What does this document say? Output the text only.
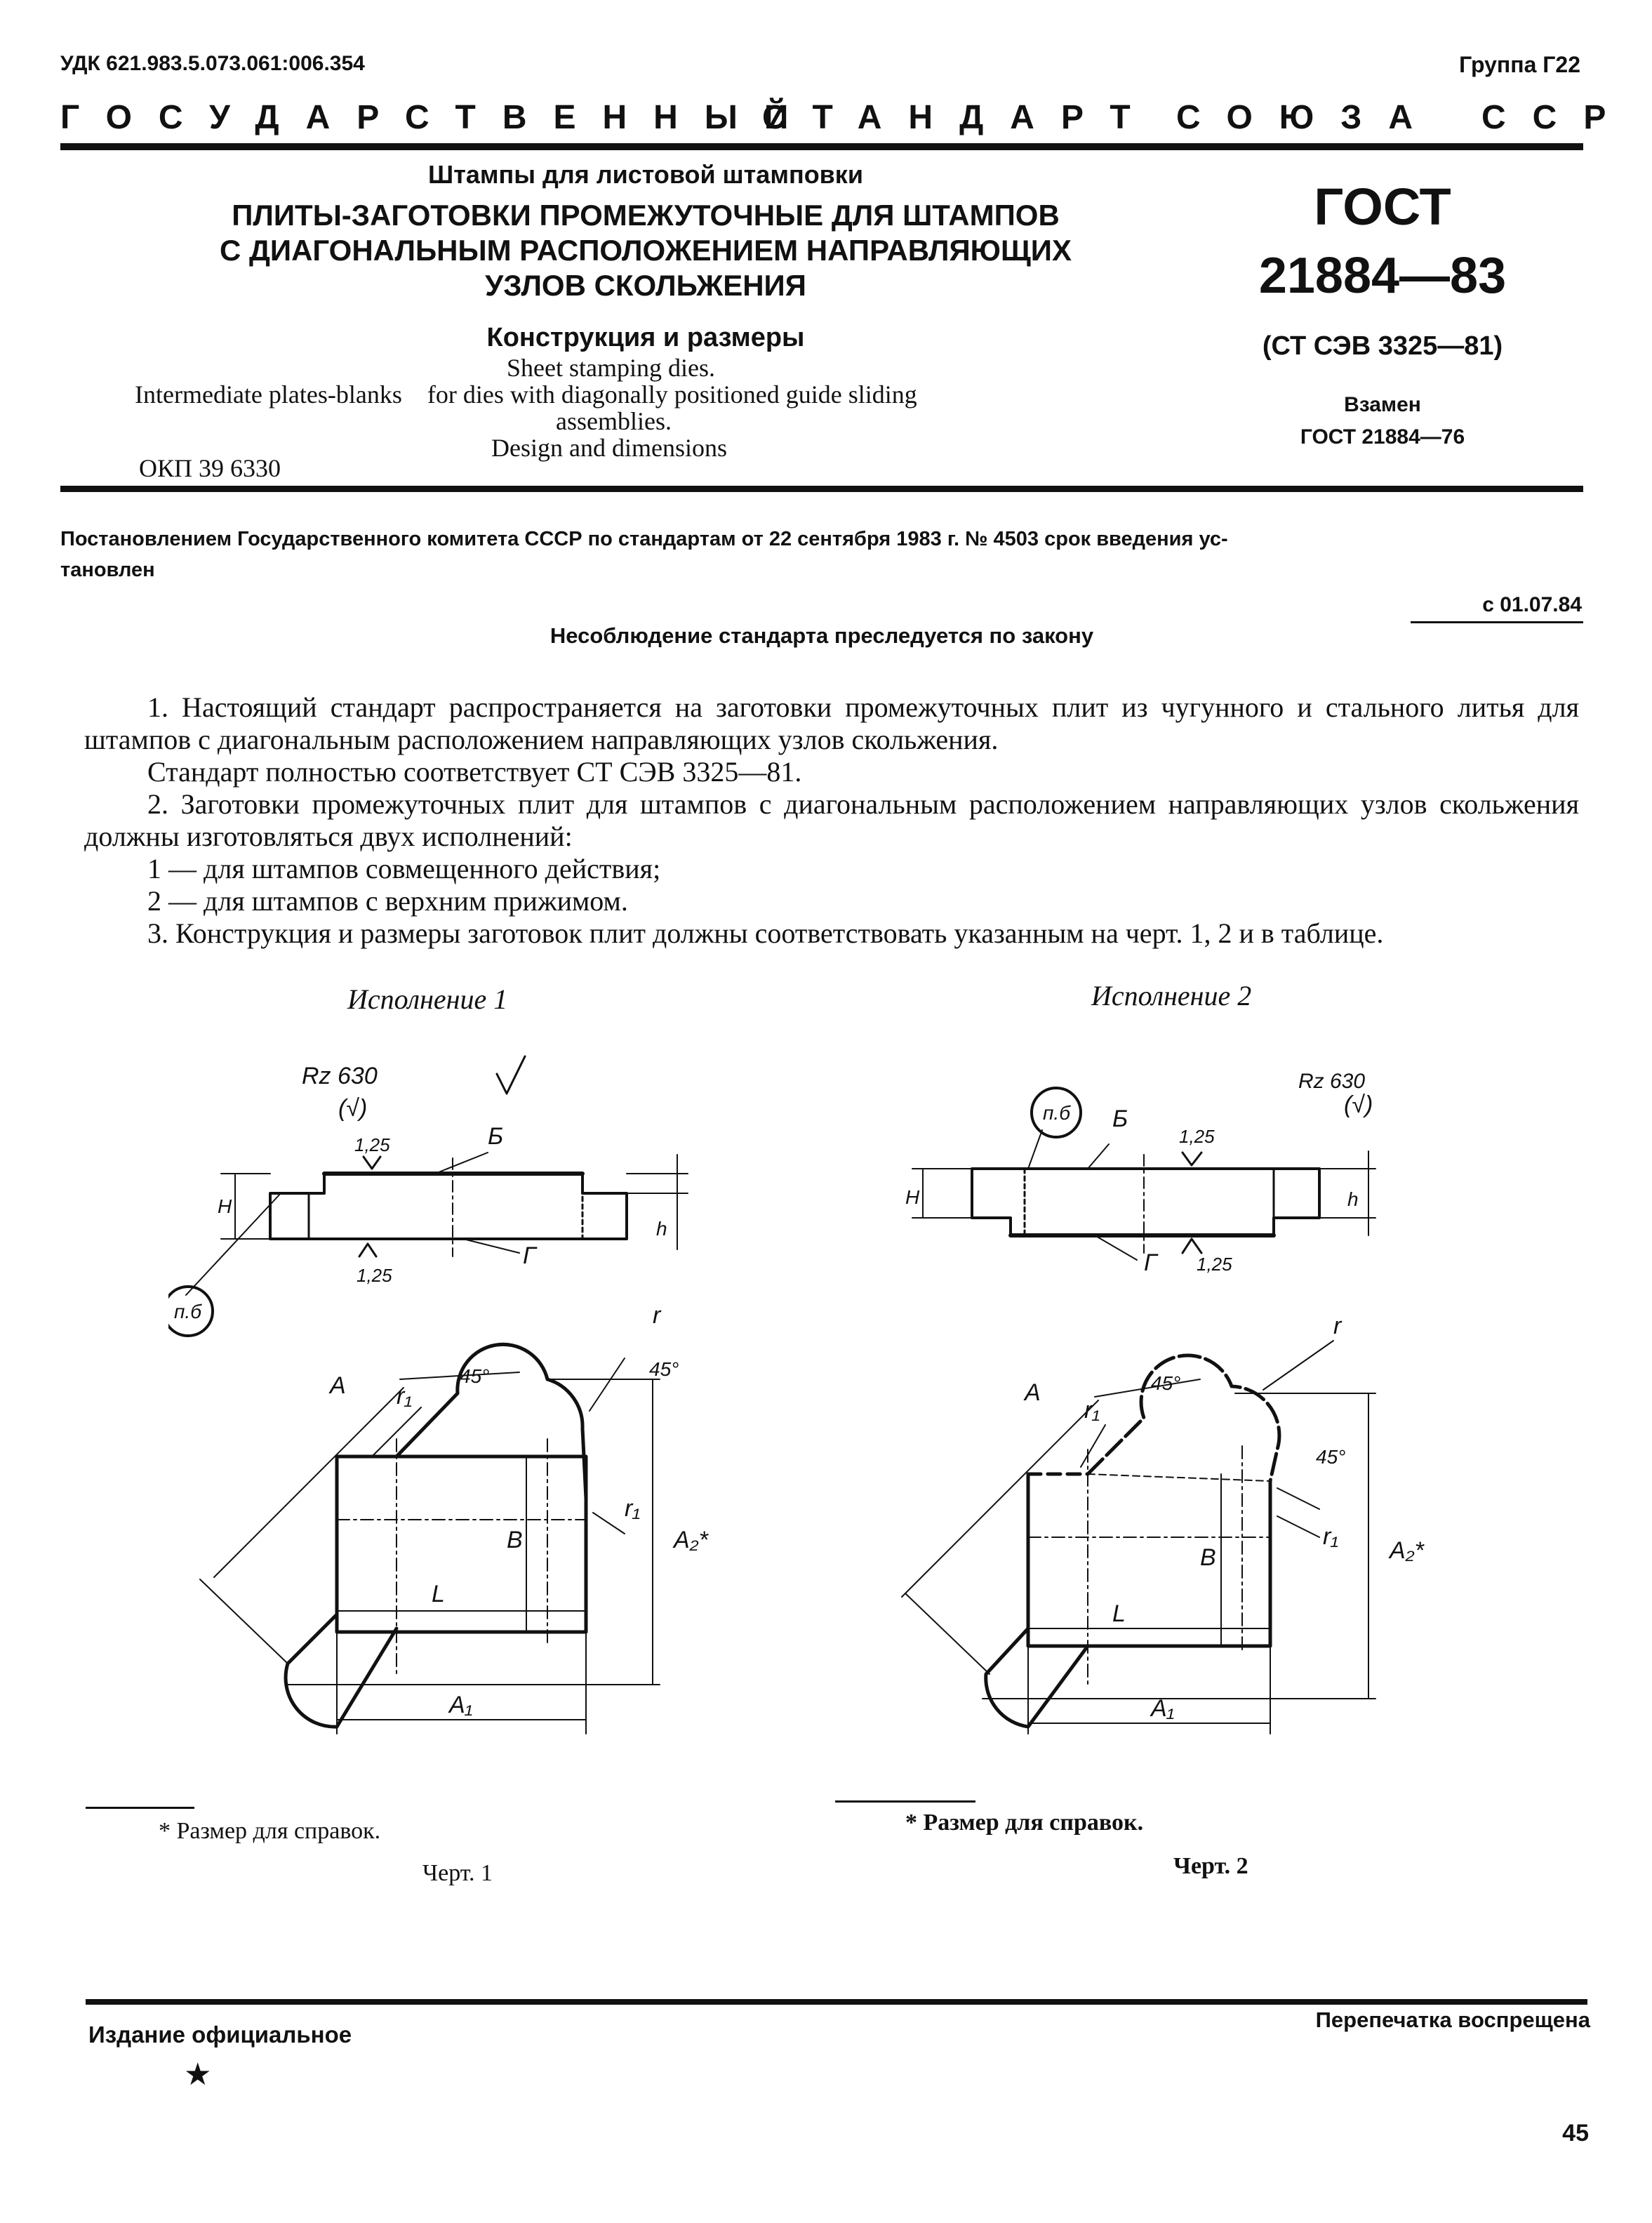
УДК 621.983.5.073.061:006.354	Группа Г22
ГОСУДАРСТВЕННЫЙ
СТАНДАРТ СОЮЗА ССР
Штампы для листовой штамповки
ПЛИТЫ-ЗАГОТОВКИ ПРОМЕЖУТОЧНЫЕ ДЛЯ ШТАМПОВ
С ДИАГОНАЛЬНЫМ РАСПОЛОЖЕНИЕМ НАПРАВЛЯЮЩИХ
УЗЛОВ СКОЛЬЖЕНИЯ
Конструкция и размеры
Sheet stamping dies.
Intermediate plates-blanks for dies with diagonally positioned guide sliding
assemblies.
Design and dimensions
ОКП 39 6330
ГОСТ
21884—83
(СТ СЭВ 3325—81)
Взамен
ГОСТ 21884—76
Постановлением Государственного комитета СССР по стандартам от 22 сентября 1983 г. № 4503 срок введения ус-
тановлен
с 01.07.84
Несоблюдение стандарта преследуется по закону

1. Настоящий стандарт распространяется на заготовки промежуточных плит из чугунного и стального литья для штампов с диагональным расположением направляющих узлов скольжения.

Стандарт полностью соответствует СТ СЭВ 3325—81.

2. Заготовки промежуточных плит для штампов с диагональным расположением направляющих узлов скольжения должны изготовляться двух исполнений:

1 — для штампов совмещенного действия;

2 — для штампов с верхним прижимом.

3. Конструкция и размеры заготовок плит должны соответствовать указанным на черт. 1, 2 и в таблице.

Исполнение 1	Исполнение 2
Rz 630
(√)
Б
Г
1,25
1,25
H
h
п.б
A
A₁
A₂*
B
L
r
r₁
r₁
45°	45°
Rz 630
(√)
Б
Г
1,25
1,25
H	h
п.б
A
A₁
A₂*
B
L
r
r₁
r₁
45°
45°
* Размер для справок.
Черт. 1
* Размер для справок.
Черт. 2
Издание официальное
★
Перепечатка воспрещена
45
